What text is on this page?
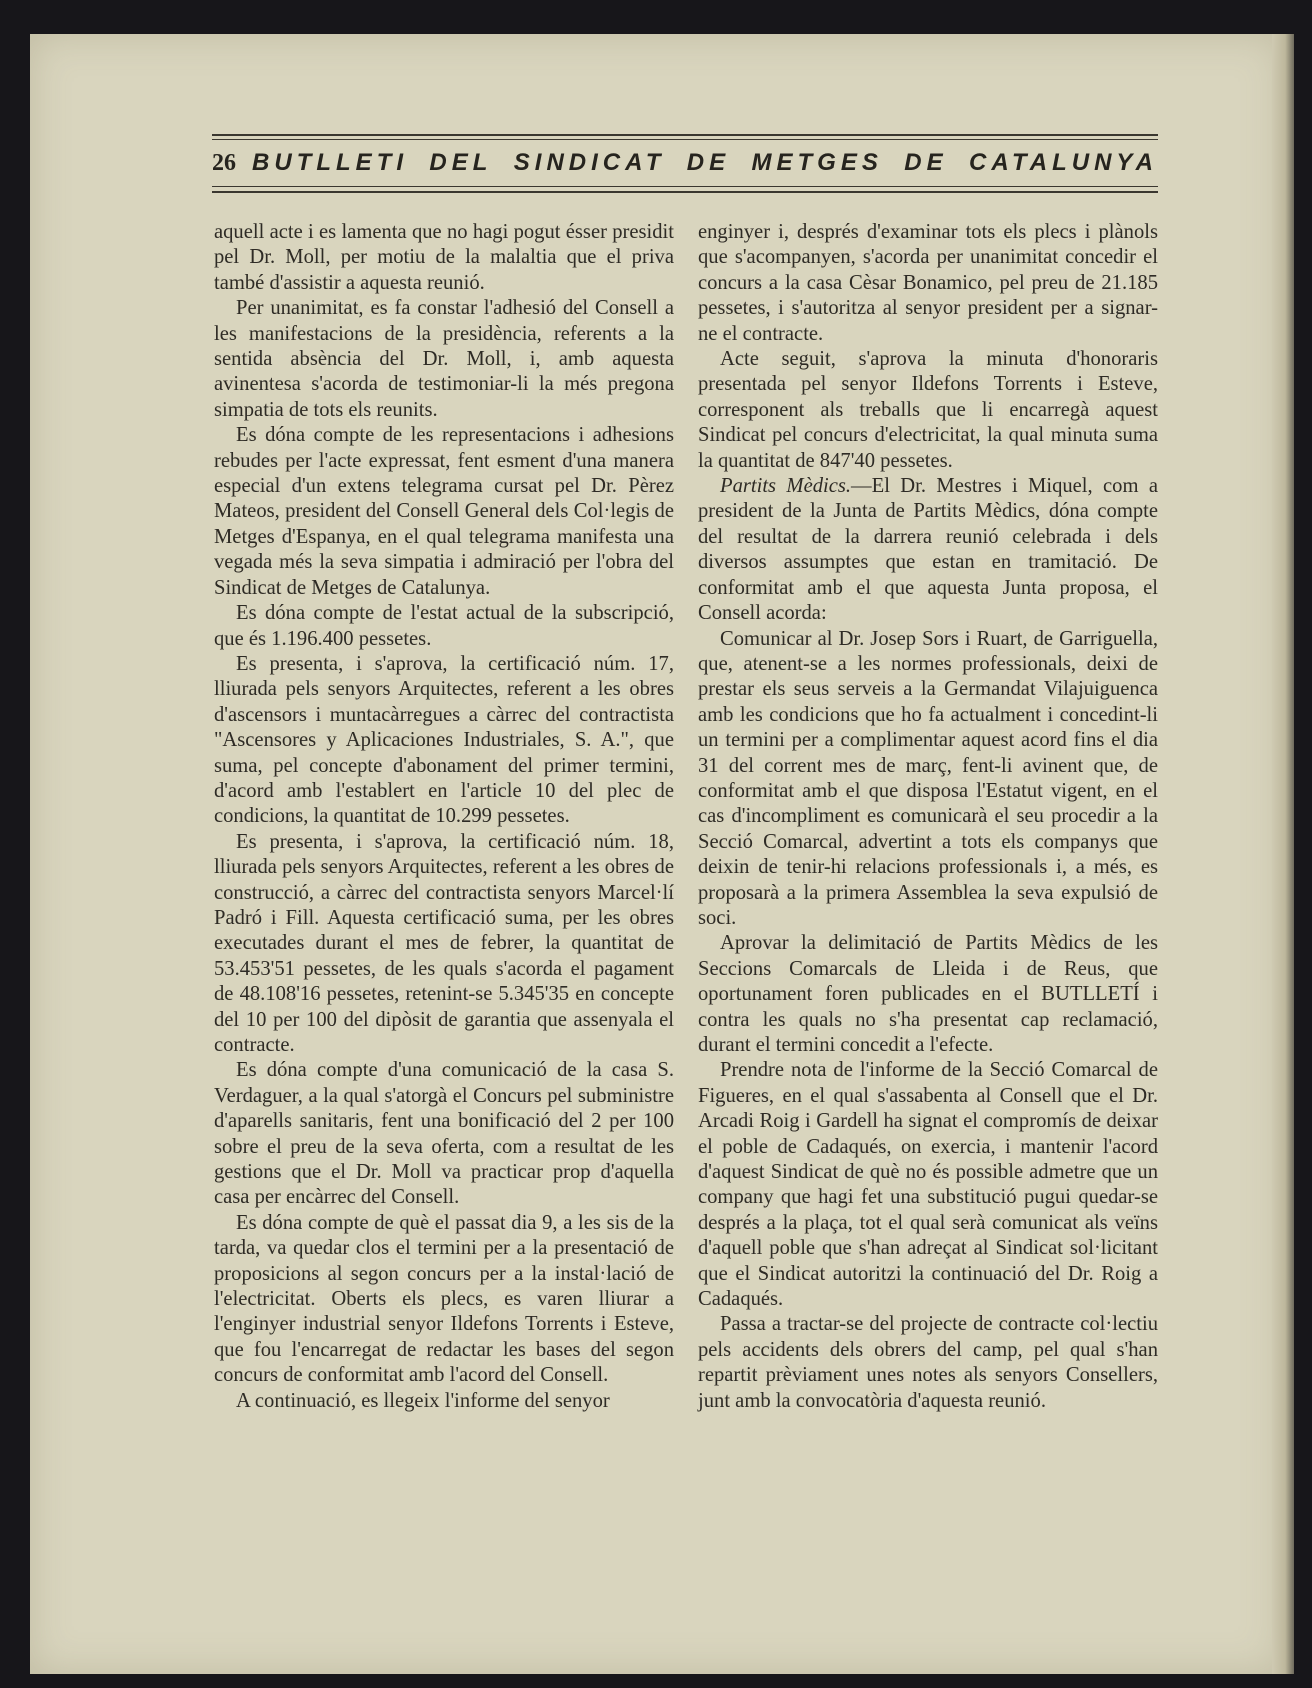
26 BUTLLETI DEL SINDICAT DE METGES DE CATALUNYA

aquell acte i es lamenta que no hagi pogut ésser presidit pel Dr. Moll, per motiu de la malaltia que el priva també d'assistir a aquesta reunió.

Per unanimitat, es fa constar l'adhesió del Consell a les manifestacions de la presidència, referents a la sentida absència del Dr. Moll, i, amb aquesta avinentesa s'acorda de testimoniar-li la més pregona simpatia de tots els reunits.

Es dóna compte de les representacions i adhesions rebudes per l'acte expressat, fent esment d'una manera especial d'un extens telegrama cursat pel Dr. Pèrez Mateos, president del Consell General dels Col·legis de Metges d'Espanya, en el qual telegrama manifesta una vegada més la seva simpatia i admiració per l'obra del Sindicat de Metges de Catalunya.

Es dóna compte de l'estat actual de la subscripció, que és 1.196.400 pessetes.

Es presenta, i s'aprova, la certificació núm. 17, lliurada pels senyors Arquitectes, referent a les obres d'ascensors i muntacàrregues a càrrec del contractista "Ascensores y Aplicaciones Industriales, S. A.", que suma, pel concepte d'abonament del primer termini, d'acord amb l'establert en l'article 10 del plec de condicions, la quantitat de 10.299 pessetes.

Es presenta, i s'aprova, la certificació núm. 18, lliurada pels senyors Arquitectes, referent a les obres de construcció, a càrrec del contractista senyors Marcel·lí Padró i Fill. Aquesta certificació suma, per les obres executades durant el mes de febrer, la quantitat de 53.453'51 pessetes, de les quals s'acorda el pagament de 48.108'16 pessetes, retenint-se 5.345'35 en concepte del 10 per 100 del dipòsit de garantia que assenyala el contracte.

Es dóna compte d'una comunicació de la casa S. Verdaguer, a la qual s'atorgà el Concurs pel subministre d'aparells sanitaris, fent una bonificació del 2 per 100 sobre el preu de la seva oferta, com a resultat de les gestions que el Dr. Moll va practicar prop d'aquella casa per encàrrec del Consell.

Es dóna compte de què el passat dia 9, a les sis de la tarda, va quedar clos el termini per a la presentació de proposicions al segon concurs per a la instal·lació de l'electricitat. Oberts els plecs, es varen lliurar a l'enginyer industrial senyor Ildefons Torrents i Esteve, que fou l'encarregat de redactar les bases del segon concurs de conformitat amb l'acord del Consell.

A continuació, es llegeix l'informe del senyor

enginyer i, després d'examinar tots els plecs i plànols que s'acompanyen, s'acorda per unanimitat concedir el concurs a la casa Cèsar Bonamico, pel preu de 21.185 pessetes, i s'autoritza al senyor president per a signar-ne el contracte.

Acte seguit, s'aprova la minuta d'honoraris presentada pel senyor Ildefons Torrents i Esteve, corresponent als treballs que li encarregà aquest Sindicat pel concurs d'electricitat, la qual minuta suma la quantitat de 847'40 pessetes.

Partits Mèdics.—El Dr. Mestres i Miquel, com a president de la Junta de Partits Mèdics, dóna compte del resultat de la darrera reunió celebrada i dels diversos assumptes que estan en tramitació. De conformitat amb el que aquesta Junta proposa, el Consell acorda:

Comunicar al Dr. Josep Sors i Ruart, de Garriguella, que, atenent-se a les normes professionals, deixi de prestar els seus serveis a la Germandat Vilajuiguenca amb les condicions que ho fa actualment i concedint-li un termini per a complimentar aquest acord fins el dia 31 del corrent mes de març, fent-li avinent que, de conformitat amb el que disposa l'Estatut vigent, en el cas d'incompliment es comunicarà el seu procedir a la Secció Comarcal, advertint a tots els companys que deixin de tenir-hi relacions professionals i, a més, es proposarà a la primera Assemblea la seva expulsió de soci.

Aprovar la delimitació de Partits Mèdics de les Seccions Comarcals de Lleida i de Reus, que oportunament foren publicades en el BUTLLETÍ i contra les quals no s'ha presentat cap reclamació, durant el termini concedit a l'efecte.

Prendre nota de l'informe de la Secció Comarcal de Figueres, en el qual s'assabenta al Consell que el Dr. Arcadi Roig i Gardell ha signat el compromís de deixar el poble de Cadaqués, on exercia, i mantenir l'acord d'aquest Sindicat de què no és possible admetre que un company que hagi fet una substitució pugui quedar-se després a la plaça, tot el qual serà comunicat als veïns d'aquell poble que s'han adreçat al Sindicat sol·licitant que el Sindicat autoritzi la continuació del Dr. Roig a Cadaqués.

Passa a tractar-se del projecte de contracte col·lectiu pels accidents dels obrers del camp, pel qual s'han repartit prèviament unes notes als senyors Consellers, junt amb la convocatòria d'aquesta reunió.
